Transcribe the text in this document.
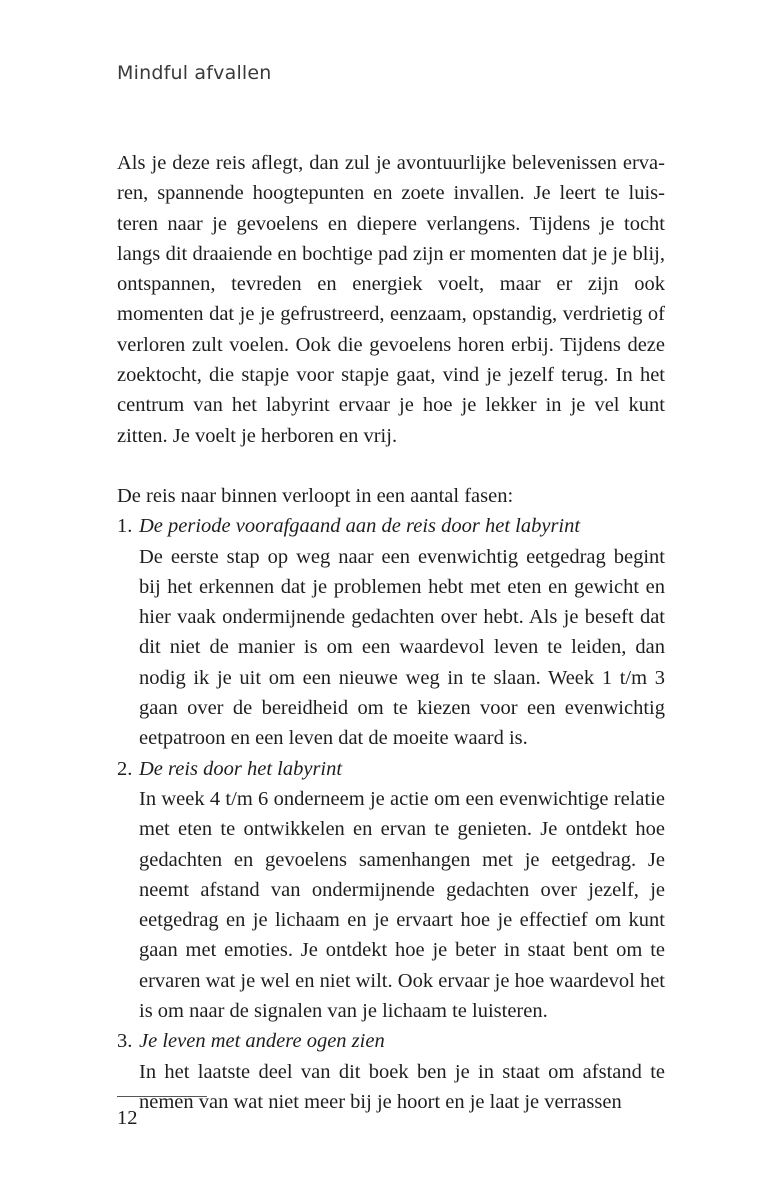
Mindful afvallen

Als je deze reis aflegt, dan zul je avontuurlijke belevenissen ervaren, spannende hoogtepunten en zoete invallen. Je leert te luisteren naar je gevoelens en diepere verlangens. Tijdens je tocht langs dit draaiende en bochtige pad zijn er momenten dat je je blij, ontspannen, tevreden en energiek voelt, maar er zijn ook momenten dat je je gefrustreerd, eenzaam, opstandig, verdrietig of verloren zult voelen. Ook die gevoelens horen erbij. Tijdens deze zoektocht, die stapje voor stapje gaat, vind je jezelf terug. In het centrum van het labyrint ervaar je hoe je lekker in je vel kunt zitten. Je voelt je herboren en vrij.

De reis naar binnen verloopt in een aantal fasen:

1. De periode voorafgaand aan de reis door het labyrint

De eerste stap op weg naar een evenwichtig eetgedrag begint bij het erkennen dat je problemen hebt met eten en gewicht en hier vaak ondermijnende gedachten over hebt. Als je beseft dat dit niet de manier is om een waardevol leven te leiden, dan nodig ik je uit om een nieuwe weg in te slaan. Week 1 t/m 3 gaan over de bereidheid om te kiezen voor een evenwichtig eetpatroon en een leven dat de moeite waard is.

2. De reis door het labyrint

In week 4 t/m 6 onderneem je actie om een evenwichtige relatie met eten te ontwikkelen en ervan te genieten. Je ontdekt hoe gedachten en gevoelens samenhangen met je eetgedrag. Je neemt afstand van ondermijnende gedachten over jezelf, je eetgedrag en je lichaam en je ervaart hoe je effectief om kunt gaan met emoties. Je ontdekt hoe je beter in staat bent om te ervaren wat je wel en niet wilt. Ook ervaar je hoe waardevol het is om naar de signalen van je lichaam te luisteren.

3. Je leven met andere ogen zien

In het laatste deel van dit boek ben je in staat om afstand te nemen van wat niet meer bij je hoort en je laat je verrassen

12
